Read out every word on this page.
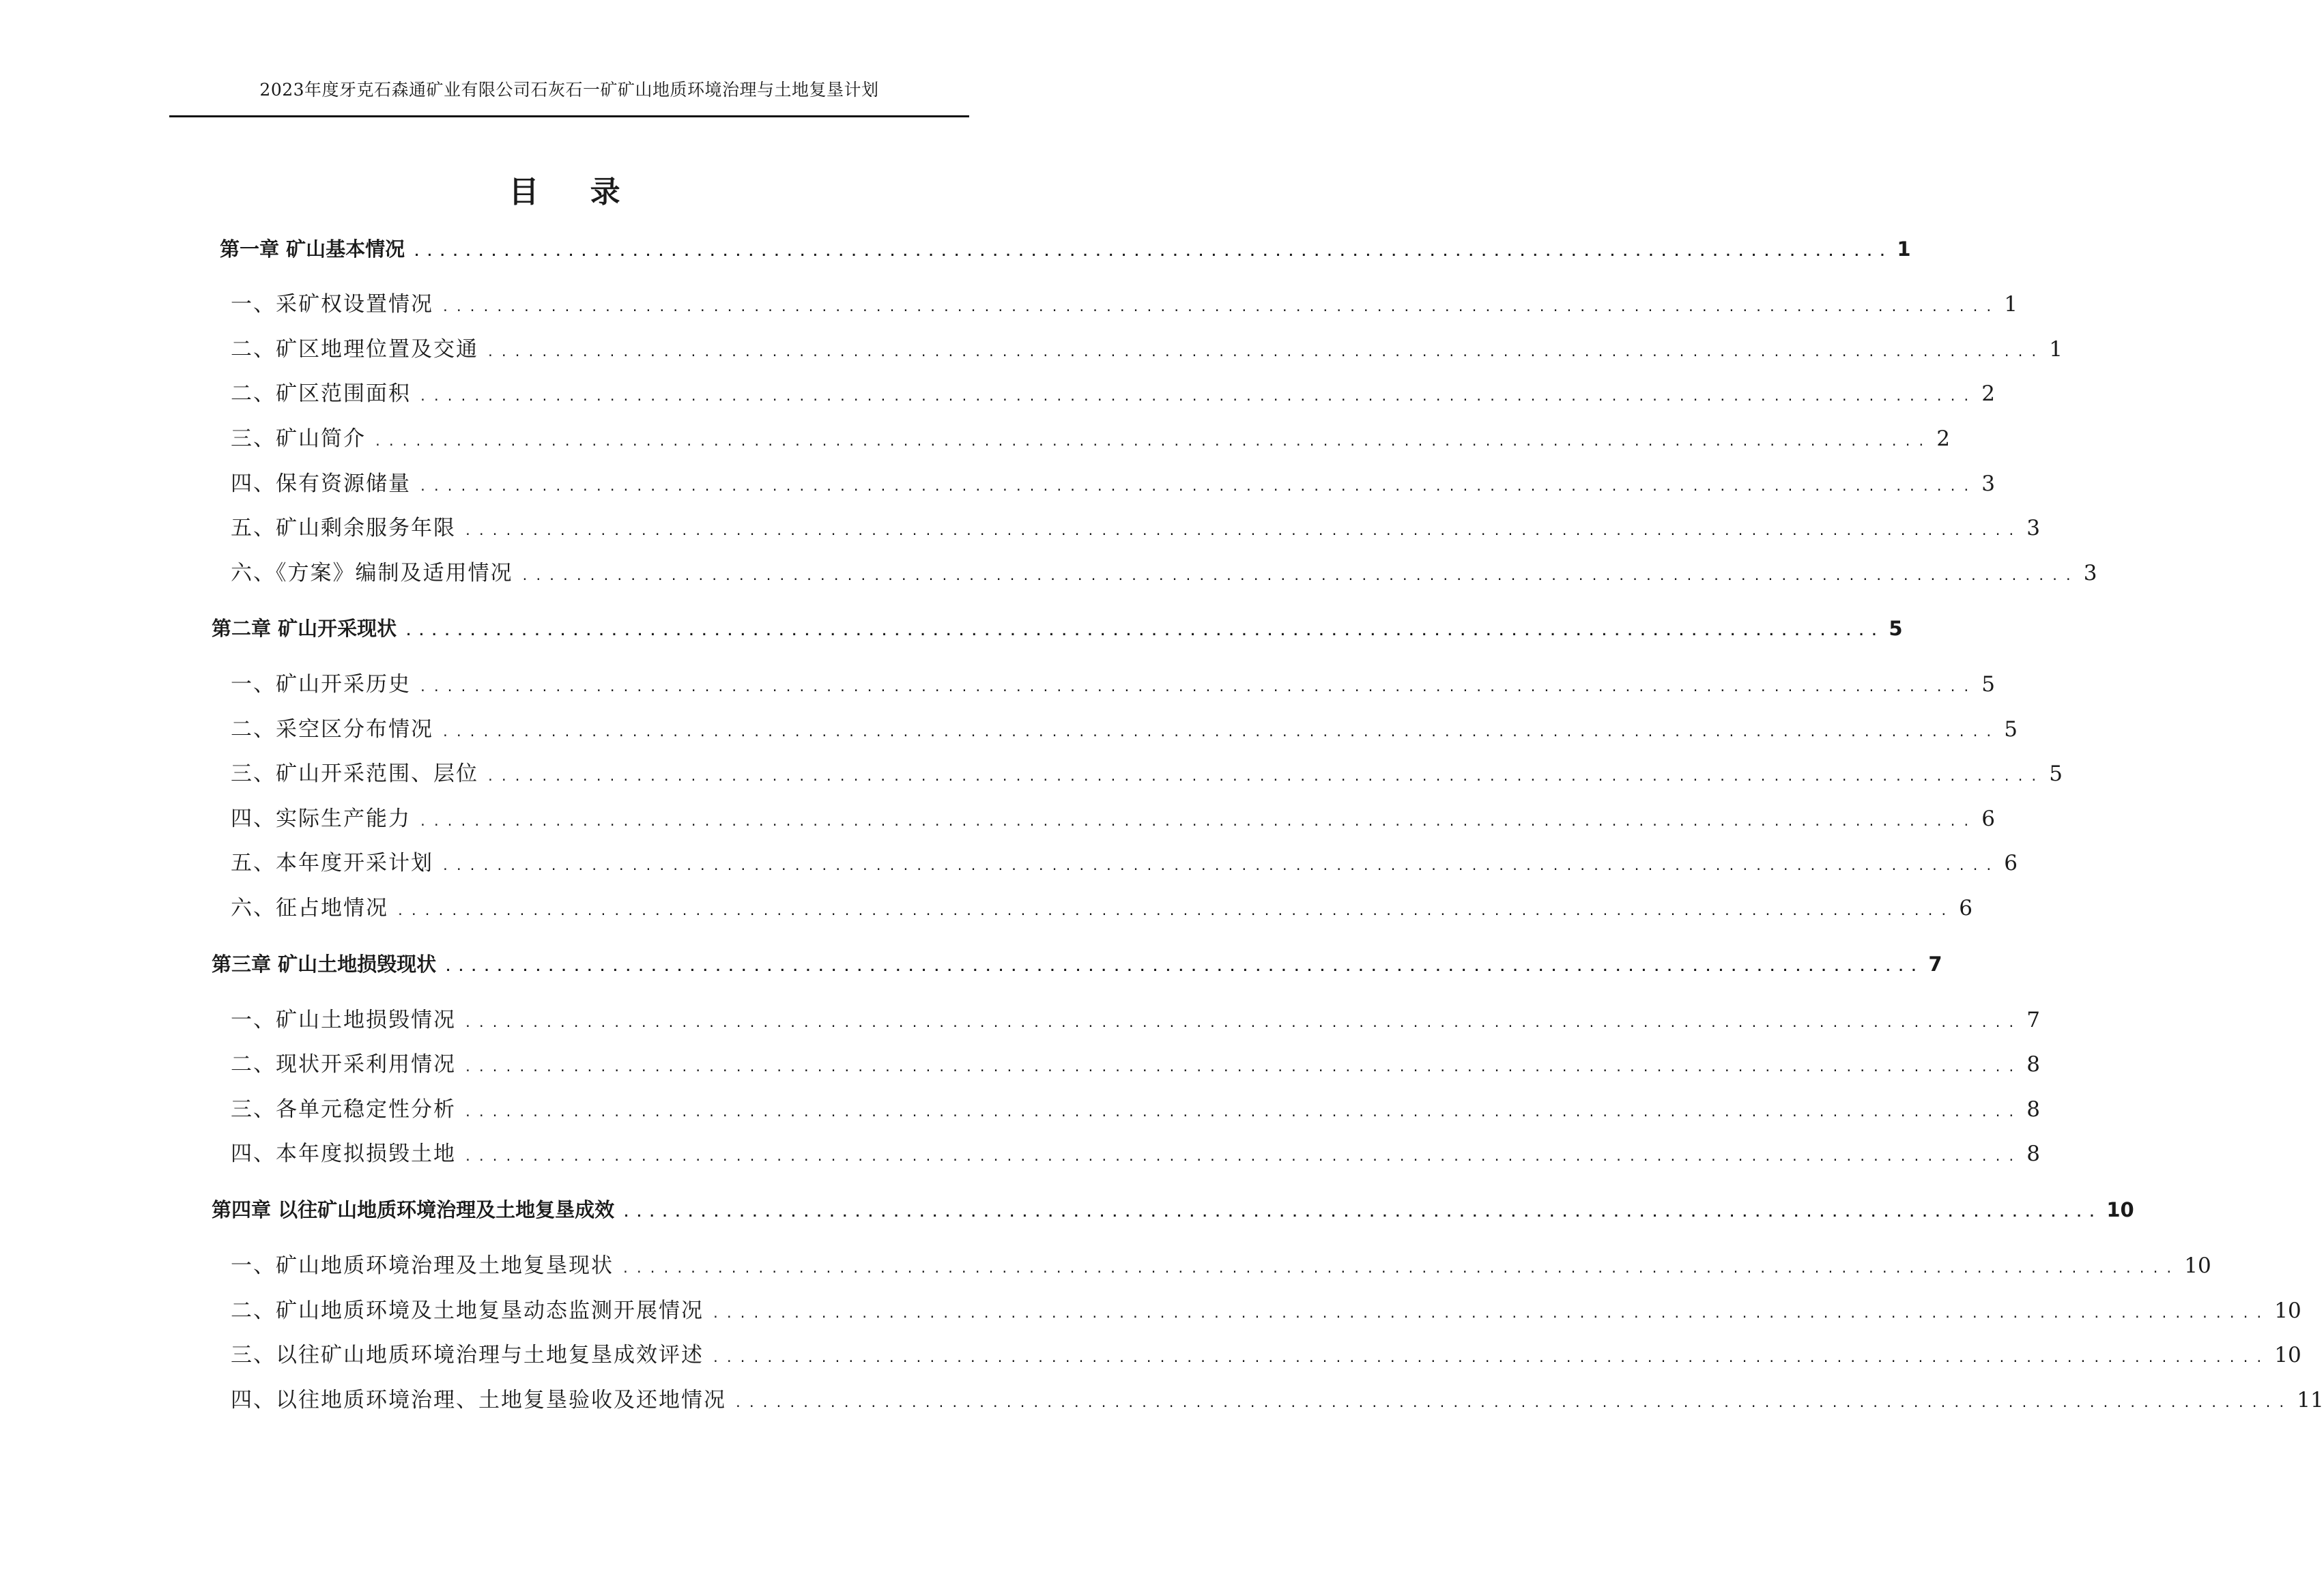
2023年度牙克石森通矿业有限公司石灰石一矿矿山地质环境治理与土地复垦计划
目 录
第一章 矿山基本情况 ................................................................................................................... 1
一、采矿权设置情况 ................................................................................................................... 1
二、矿区地理位置及交通 ................................................................................................................... 1
二、矿区范围面积 ................................................................................................................... 2
三、矿山简介 ................................................................................................................... 2
四、保有资源储量 ................................................................................................................... 3
五、矿山剩余服务年限 ................................................................................................................... 3
六、《方案》编制及适用情况 ................................................................................................................... 3
第二章 矿山开采现状 ................................................................................................................... 5
一、矿山开采历史 ................................................................................................................... 5
二、采空区分布情况 ................................................................................................................... 5
三、矿山开采范围、层位 ................................................................................................................... 5
四、实际生产能力 ................................................................................................................... 6
五、本年度开采计划 ................................................................................................................... 6
六、征占地情况 ................................................................................................................... 6
第三章 矿山土地损毁现状 ................................................................................................................... 7
一、矿山土地损毁情况 ................................................................................................................... 7
二、现状开采利用情况 ................................................................................................................... 8
三、各单元稳定性分析 ................................................................................................................... 8
四、本年度拟损毁土地 ................................................................................................................... 8
第四章 以往矿山地质环境治理及土地复垦成效 ................................................................................................................... 10
一、矿山地质环境治理及土地复垦现状 ................................................................................................................... 10
二、矿山地质环境及土地复垦动态监测开展情况 ................................................................................................................... 10
三、以往矿山地质环境治理与土地复垦成效评述 ................................................................................................................... 10
四、以往地质环境治理、土地复垦验收及还地情况 ................................................................................................................... 11
